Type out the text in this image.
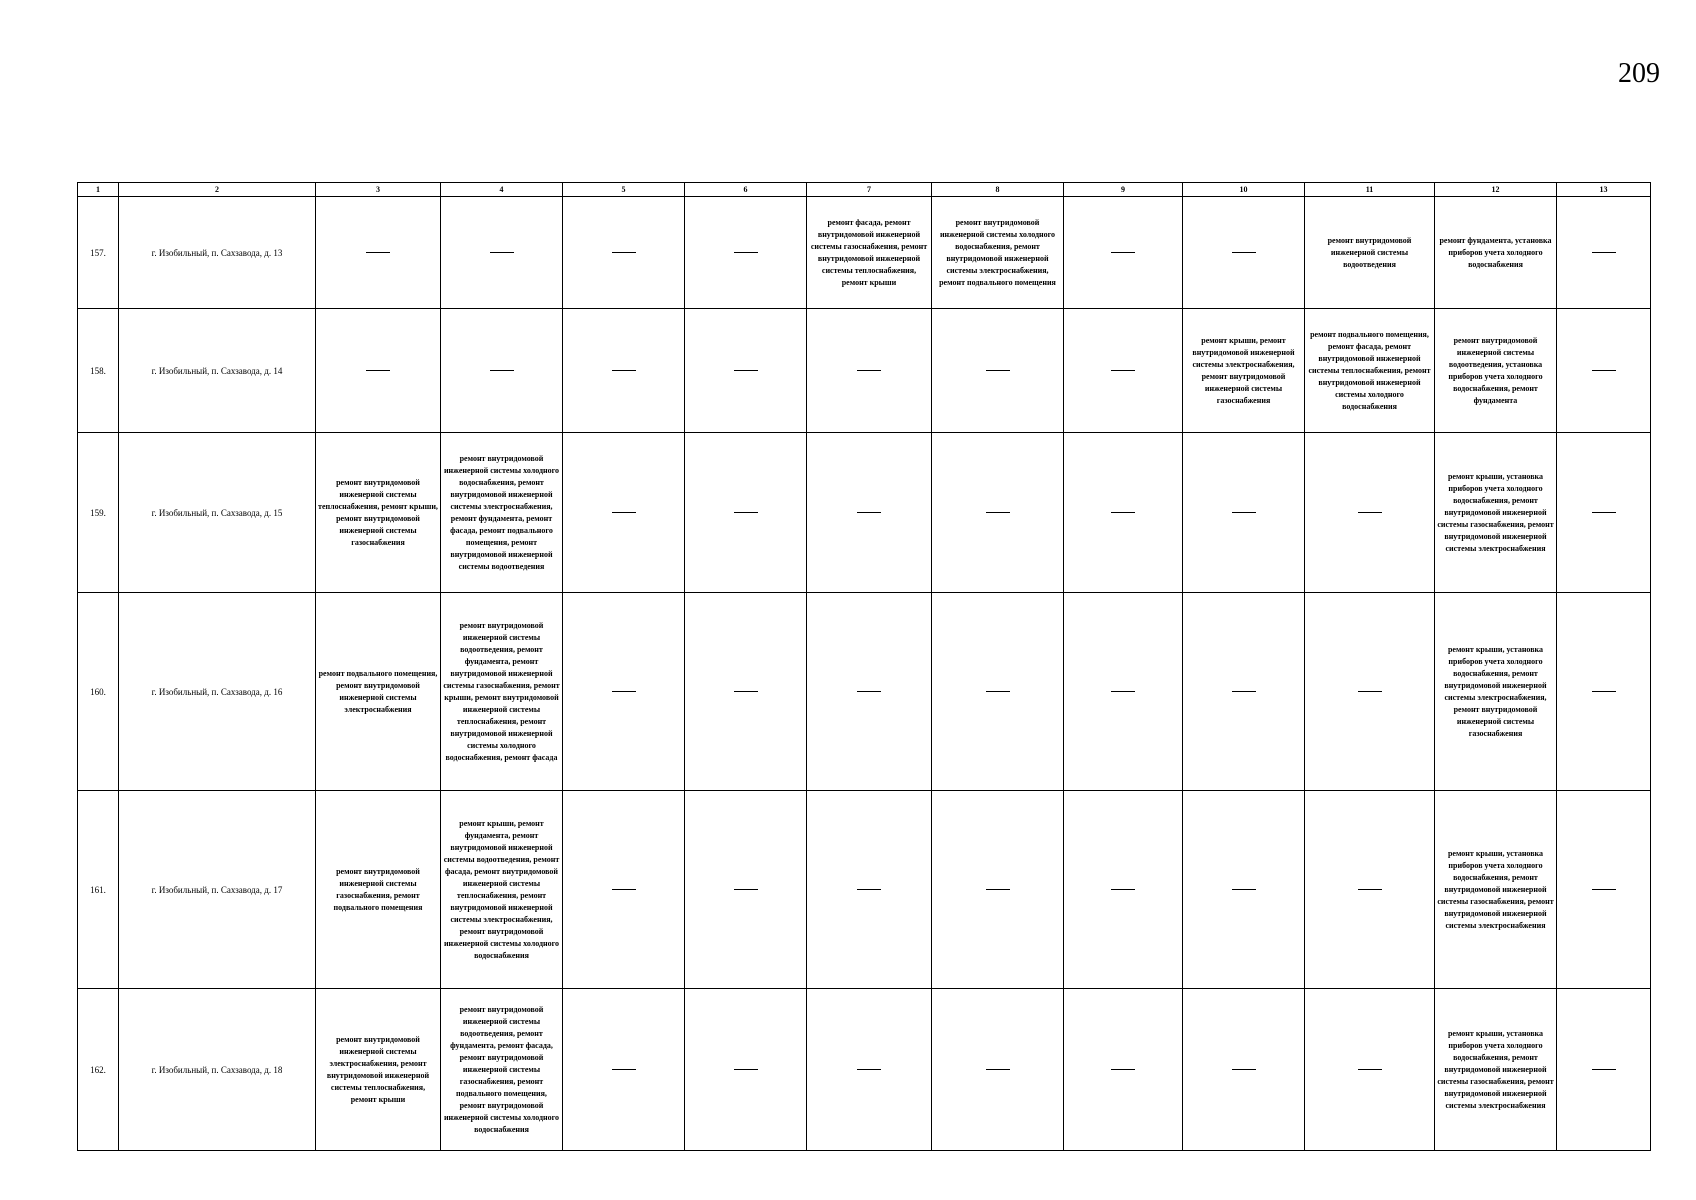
209
1	2	3	4	5	6	7	8	9	10	11	12	13
157.	г. Изобильный, п. Сахзавода, д. 13					ремонт фасада, ремонт внутридомовой инженерной системы газоснабжения, ремонт внутридомовой инженерной системы теплоснабжения, ремонт крыши	ремонт внутридомовой инженерной системы холодного водоснабжения, ремонт внутридомовой инженерной системы электроснабжения, ремонт подвального помещения			ремонт внутридомовой инженерной системы водоотведения	ремонт фундамента, установка приборов учета холодного водоснабжения	
158.	г. Изобильный, п. Сахзавода, д. 14								ремонт крыши, ремонт внутридомовой инженерной системы электроснабжения, ремонт внутридомовой инженерной системы газоснабжения	ремонт подвального помещения, ремонт фасада, ремонт внутридомовой инженерной системы теплоснабжения, ремонт внутридомовой инженерной системы холодного водоснабжения	ремонт внутридомовой инженерной системы водоотведения, установка приборов учета холодного водоснабжения, ремонт фундамента	
159.	г. Изобильный, п. Сахзавода, д. 15	ремонт внутридомовой инженерной системы теплоснабжения, ремонт крыши, ремонт внутридомовой инженерной системы газоснабжения	ремонт внутридомовой инженерной системы холодного водоснабжения, ремонт внутридомовой инженерной системы электроснабжения, ремонт фундамента, ремонт фасада, ремонт подвального помещения, ремонт внутридомовой инженерной системы водоотведения								ремонт крыши, установка приборов учета холодного водоснабжения, ремонт внутридомовой инженерной системы газоснабжения, ремонт внутридомовой инженерной системы электроснабжения	
160.	г. Изобильный, п. Сахзавода, д. 16	ремонт подвального помещения, ремонт внутридомовой инженерной системы электроснабжения	ремонт внутридомовой инженерной системы водоотведения, ремонт фундамента, ремонт внутридомовой инженерной системы газоснабжения, ремонт крыши, ремонт внутридомовой инженерной системы теплоснабжения, ремонт внутридомовой инженерной системы холодного водоснабжения, ремонт фасада								ремонт крыши, установка приборов учета холодного водоснабжения, ремонт внутридомовой инженерной системы электроснабжения, ремонт внутридомовой инженерной системы газоснабжения	
161.	г. Изобильный, п. Сахзавода, д. 17	ремонт внутридомовой инженерной системы газоснабжения, ремонт подвального помещения	ремонт крыши, ремонт фундамента, ремонт внутридомовой инженерной системы водоотведения, ремонт фасада, ремонт внутридомовой инженерной системы теплоснабжения, ремонт внутридомовой инженерной системы электроснабжения, ремонт внутридомовой инженерной системы холодного водоснабжения								ремонт крыши, установка приборов учета холодного водоснабжения, ремонт внутридомовой инженерной системы газоснабжения, ремонт внутридомовой инженерной системы электроснабжения	
162.	г. Изобильный, п. Сахзавода, д. 18	ремонт внутридомовой инженерной системы электроснабжения, ремонт внутридомовой инженерной системы теплоснабжения, ремонт крыши	ремонт внутридомовой инженерной системы водоотведения, ремонт фундамента, ремонт фасада, ремонт внутридомовой инженерной системы газоснабжения, ремонт подвального помещения, ремонт внутридомовой инженерной системы холодного водоснабжения								ремонт крыши, установка приборов учета холодного водоснабжения, ремонт внутридомовой инженерной системы газоснабжения, ремонт внутридомовой инженерной системы электроснабжения	
